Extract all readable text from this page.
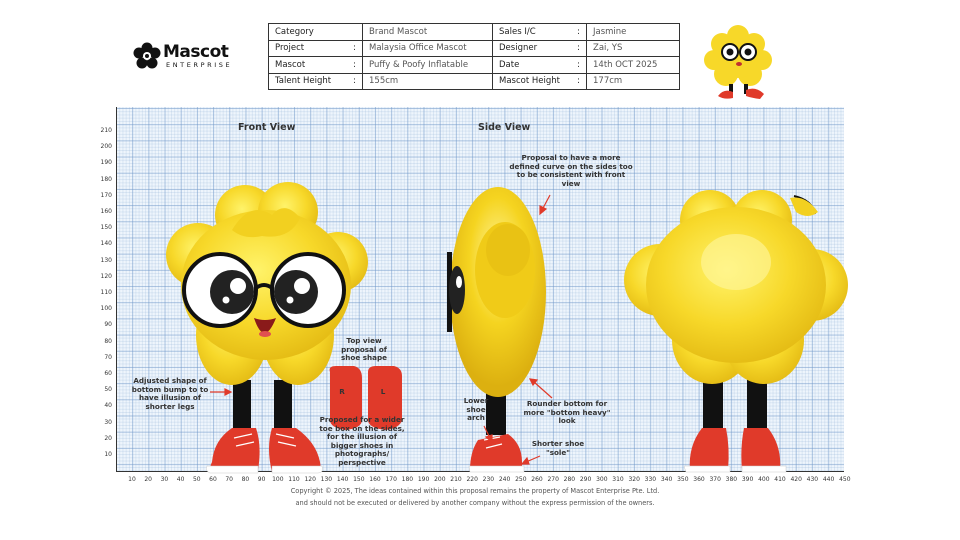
Mascot
ENTERPRISE
Category	Brand Mascot	Sales I/C :	Jasmine
Project :	Malaysia Office Mascot	Designer :	Zai, YS
Mascot :	Puffy & Poofy Inflatable	Date :	14th OCT 2025
Talent Height :	155cm	Mascot Height :	177cm
210
200
190
180
170
160
150
140
130
120
110
100
90
80
70
60
50
40
30
20
10
10	20	30	40	50	60	70	80	90	100 110 120 130 140 150 160 170 180 190 200 210 220 230 240 250 260 270 280 290 300 310 320 330 340 350 360 370 380 390 400 410 420 430 440 450
Front View	Side View
Proposal to have a more defined curve on the sides too to be consistent with front view
Adjusted shape of bottom bump to to have illusion of shorter legs
Top view proposal of shoe shape
R	L
Proposed for a wider toe box on the sides, for the illusion of bigger shoes in photographs/ perspective
Lower shoe arch
Rounder bottom for more "bottom heavy" look
Shorter shoe "sole"
Copyright © 2025, The ideas contained within this proposal remains the property of Mascot Enterprise Pte. Ltd.
and should not be executed or delivered by another company without the express permission of the owners.
